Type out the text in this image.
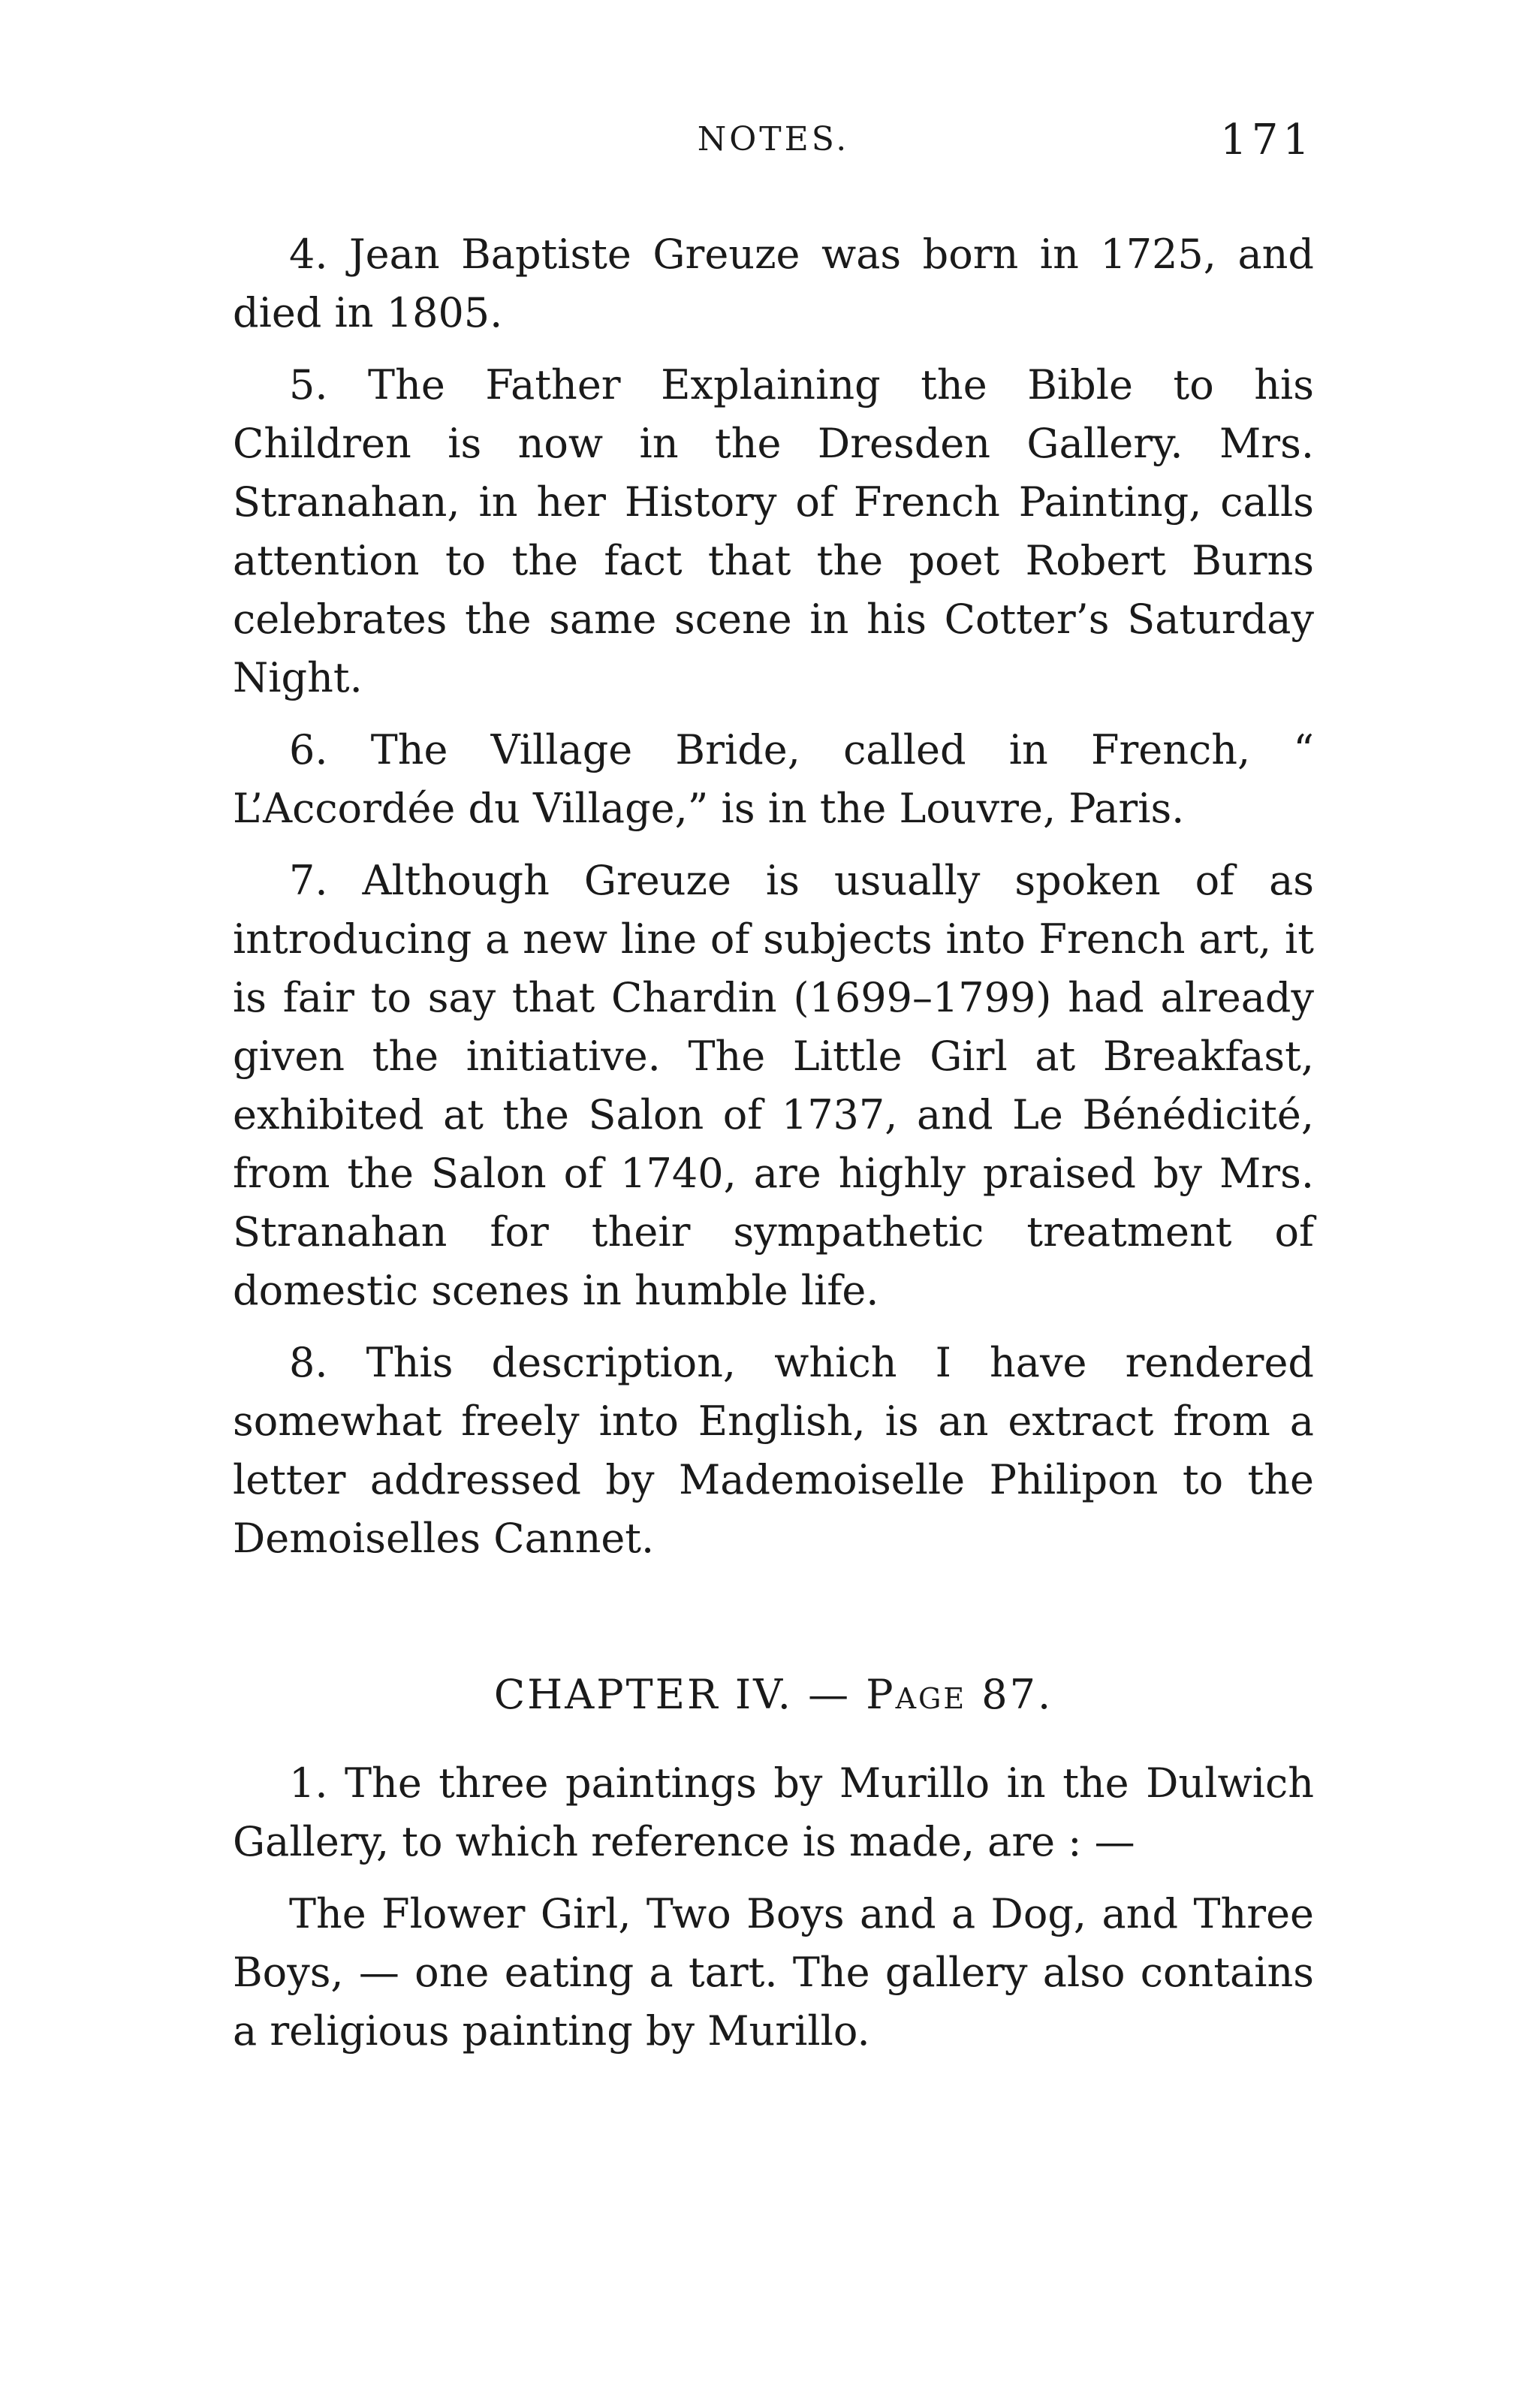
NOTES.	171

4. Jean Baptiste Greuze was born in 1725, and died in 1805.

5. The Father Explaining the Bible to his Children is now in the Dresden Gallery. Mrs. Stranahan, in her History of French Painting, calls attention to the fact that the poet Robert Burns celebrates the same scene in his Cotter’s Saturday Night.

6. The Village Bride, called in French, “ L’Accordée du Village,” is in the Louvre, Paris.

7. Although Greuze is usually spoken of as introducing a new line of subjects into French art, it is fair to say that Chardin (1699–1799) had already given the initiative. The Little Girl at Breakfast, exhibited at the Salon of 1737, and Le Bénédicité, from the Salon of 1740, are highly praised by Mrs. Stranahan for their sympathetic treatment of domestic scenes in humble life.

8. This description, which I have rendered somewhat freely into English, is an extract from a letter addressed by Mademoiselle Philipon to the Demoiselles Cannet.

CHAPTER IV. — Page 87.

1. The three paintings by Murillo in the Dulwich Gallery, to which reference is made, are : —

The Flower Girl, Two Boys and a Dog, and Three Boys, — one eating a tart. The gallery also contains a religious painting by Murillo.
